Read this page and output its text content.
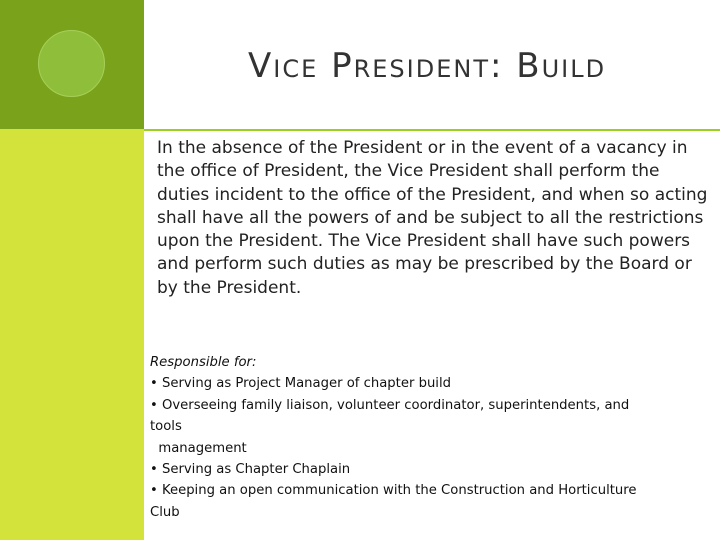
Vice President: Build
In the absence of the President or in the event of a vacancy in the office of President, the Vice President shall perform the duties incident to the office of the President, and when so acting shall have all the powers of and be subject to all the restrictions upon the President. The Vice President shall have such powers and perform such duties as may be prescribed by the Board or by the President.
Responsible for:
• Serving as Project Manager of chapter build
• Overseeing family liaison, volunteer coordinator, superintendents, and
tools
management
• Serving as Chapter Chaplain
• Keeping an open communication with the Construction and Horticulture
Club
